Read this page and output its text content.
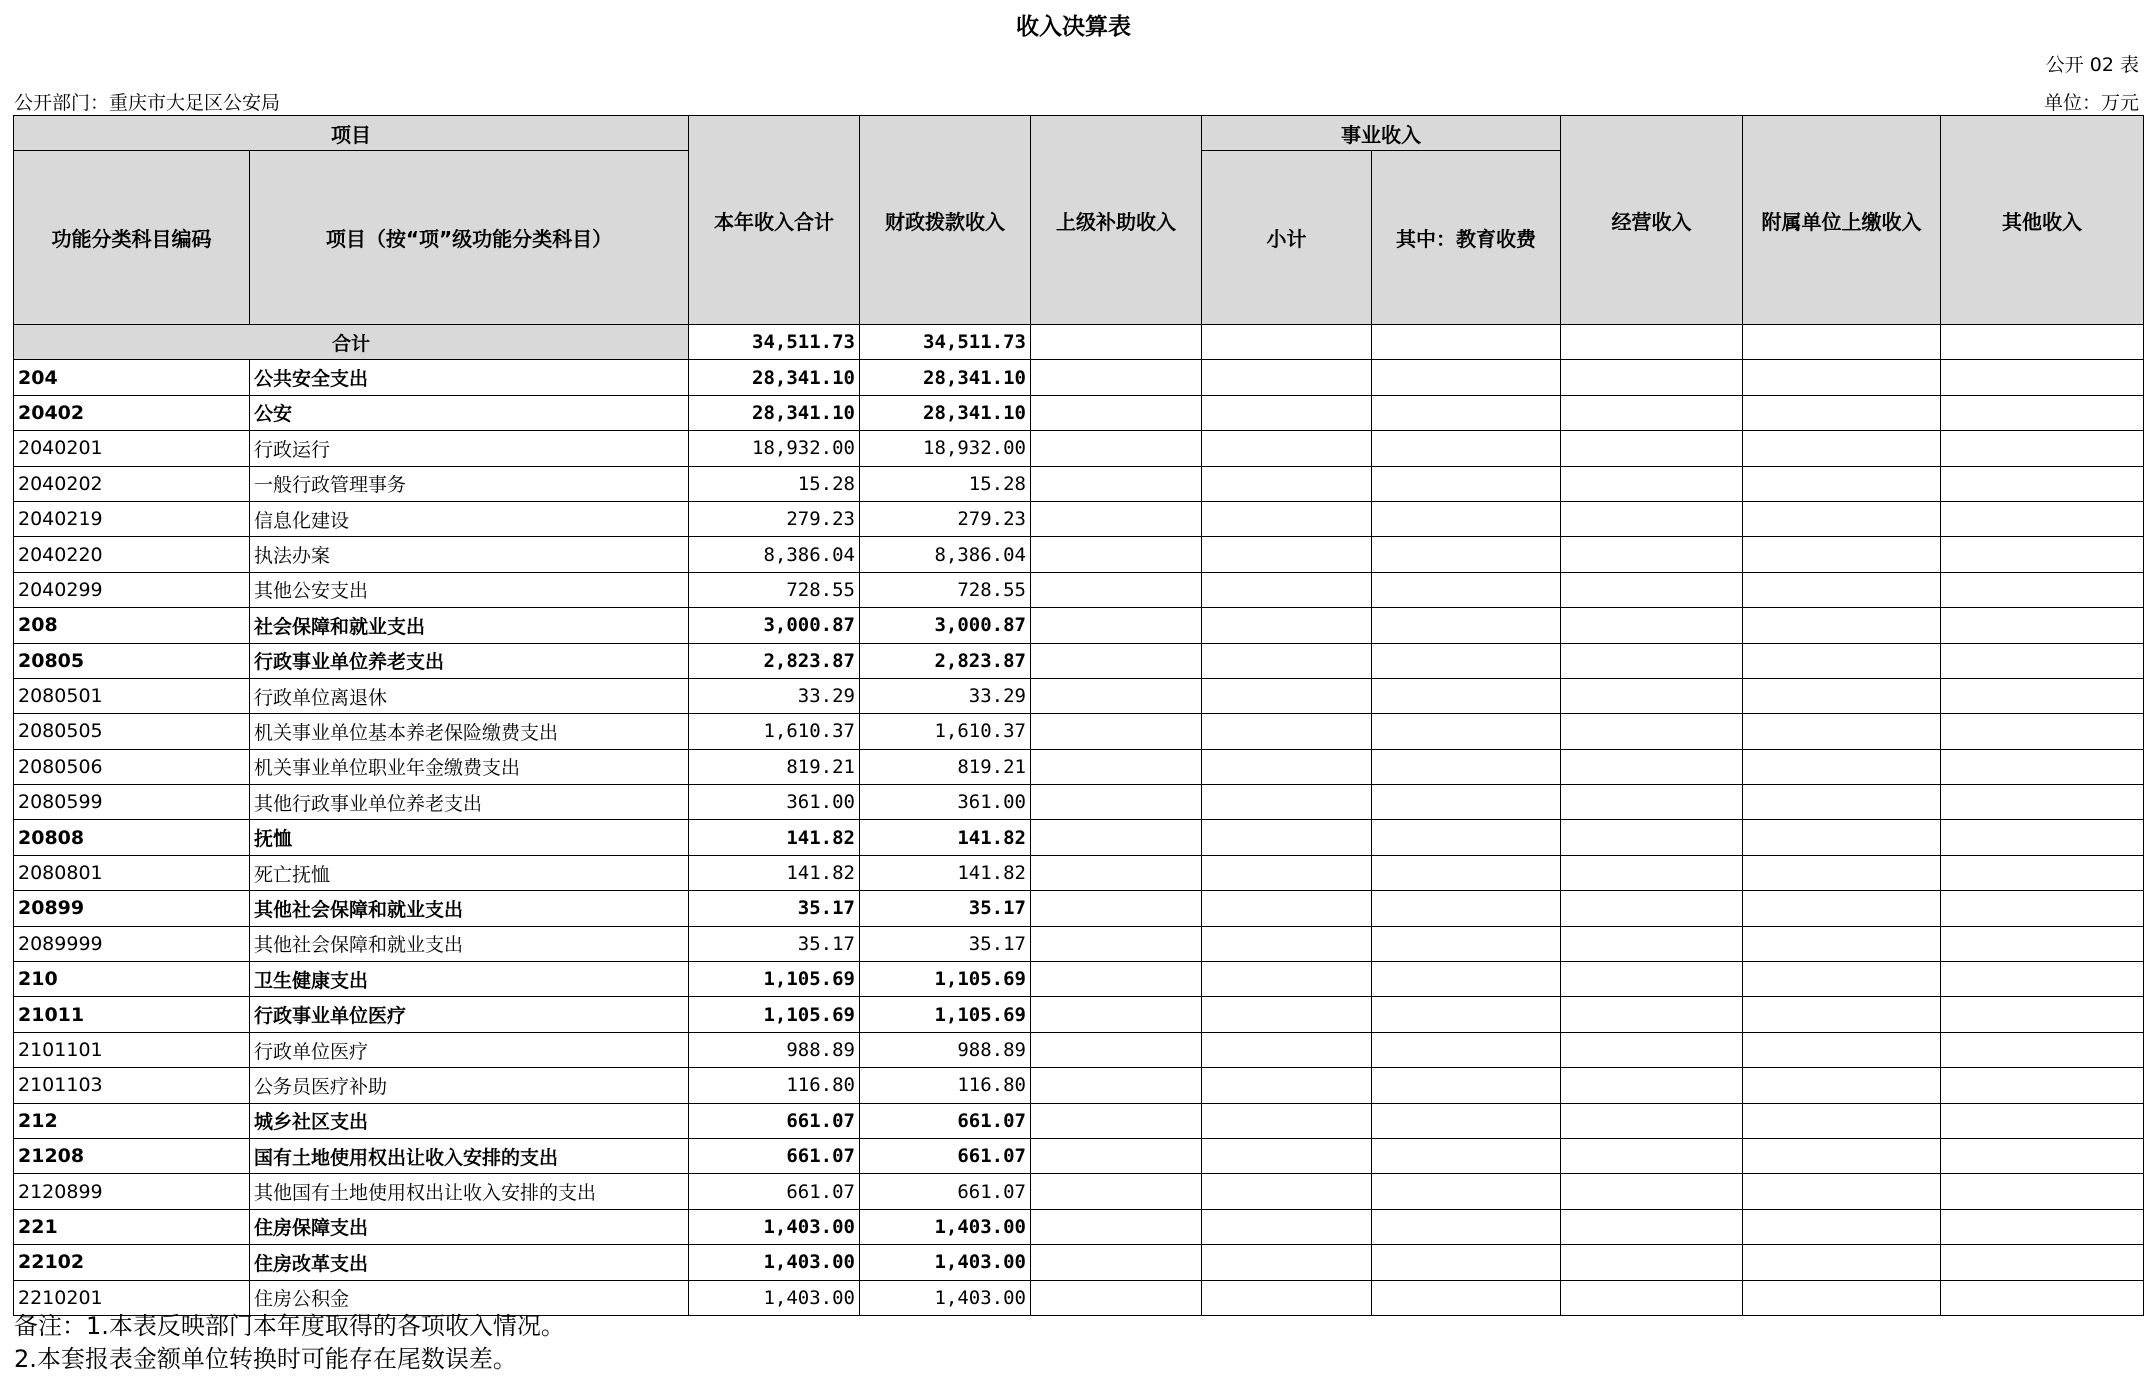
收入决算表
公开 02 表
公开部门：重庆市大足区公安局	单位：万元
项目		本年收入合计	财政拨款收入	上级补助收入	事业收入		经营收入	附属单位上缴收入	其他收入
功能分类科目编码	项目（按“项”级功能分类科目）				小计	其中：教育收费			
合计		34,511.73	34,511.73						
204	公共安全支出	28,341.10	28,341.10						
20402	公安	28,341.10	28,341.10						
2040201	行政运行	18,932.00	18,932.00						
2040202	一般行政管理事务	15.28	15.28						
2040219	信息化建设	279.23	279.23						
2040220	执法办案	8,386.04	8,386.04						
2040299	其他公安支出	728.55	728.55						
208	社会保障和就业支出	3,000.87	3,000.87						
20805	行政事业单位养老支出	2,823.87	2,823.87						
2080501	行政单位离退休	33.29	33.29						
2080505	机关事业单位基本养老保险缴费支出	1,610.37	1,610.37						
2080506	机关事业单位职业年金缴费支出	819.21	819.21						
2080599	其他行政事业单位养老支出	361.00	361.00						
20808	抚恤	141.82	141.82						
2080801	死亡抚恤	141.82	141.82						
20899	其他社会保障和就业支出	35.17	35.17						
2089999	其他社会保障和就业支出	35.17	35.17						
210	卫生健康支出	1,105.69	1,105.69						
21011	行政事业单位医疗	1,105.69	1,105.69						
2101101	行政单位医疗	988.89	988.89						
2101103	公务员医疗补助	116.80	116.80						
212	城乡社区支出	661.07	661.07						
21208	国有土地使用权出让收入安排的支出	661.07	661.07						
2120899	其他国有土地使用权出让收入安排的支出	661.07	661.07						
221	住房保障支出	1,403.00	1,403.00						
22102	住房改革支出	1,403.00	1,403.00						
2210201	住房公积金	1,403.00	1,403.00						
备注：1.本表反映部门本年度取得的各项收入情况。
2.本套报表金额单位转换时可能存在尾数误差。
